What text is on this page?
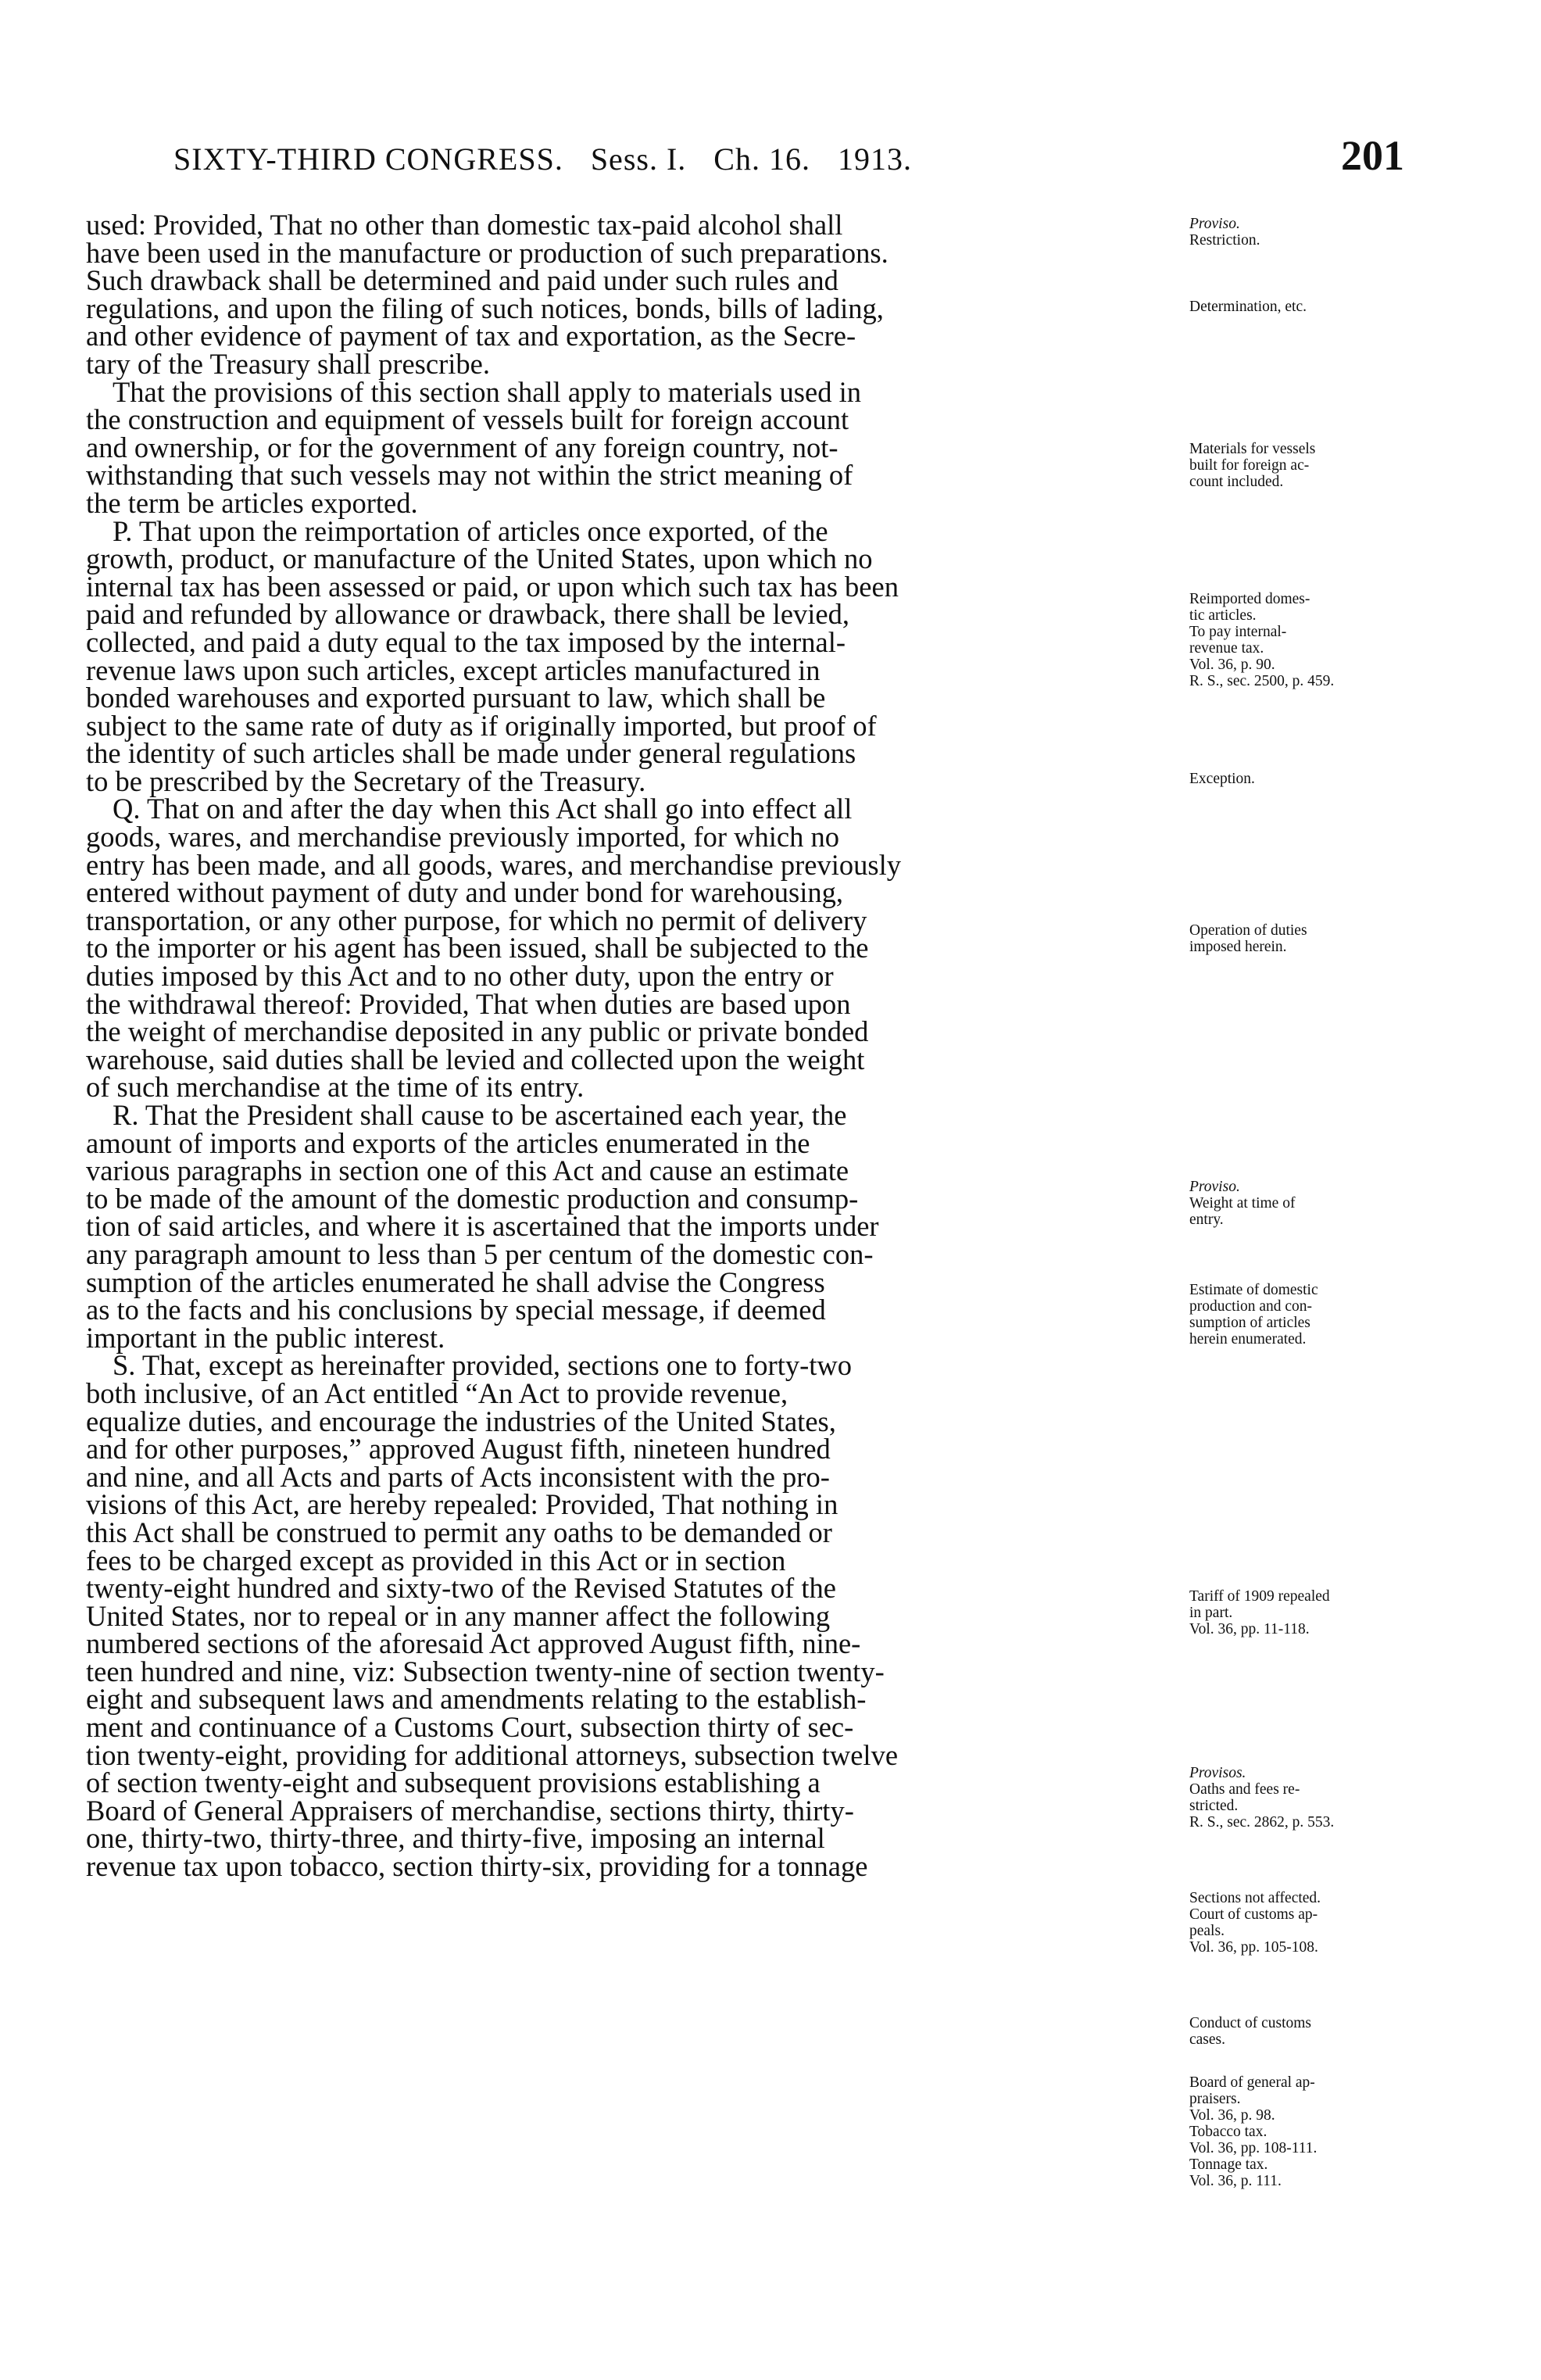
SIXTY-THIRD CONGRESS. Sess. I. Ch. 16. 1913.	201

used: Provided, That no other than domestic tax-paid alcohol shall
have been used in the manufacture or production of such preparations.
Such drawback shall be determined and paid under such rules and
regulations, and upon the filing of such notices, bonds, bills of lading,
and other evidence of payment of tax and exportation, as the Secre-
tary of the Treasury shall prescribe.

That the provisions of this section shall apply to materials used in
the construction and equipment of vessels built for foreign account
and ownership, or for the government of any foreign country, not-
withstanding that such vessels may not within the strict meaning of
the term be articles exported.

P. That upon the reimportation of articles once exported, of the
growth, product, or manufacture of the United States, upon which no
internal tax has been assessed or paid, or upon which such tax has been
paid and refunded by allowance or drawback, there shall be levied,
collected, and paid a duty equal to the tax imposed by the internal-
revenue laws upon such articles, except articles manufactured in
bonded warehouses and exported pursuant to law, which shall be
subject to the same rate of duty as if originally imported, but proof of
the identity of such articles shall be made under general regulations
to be prescribed by the Secretary of the Treasury.

Q. That on and after the day when this Act shall go into effect all
goods, wares, and merchandise previously imported, for which no
entry has been made, and all goods, wares, and merchandise previously
entered without payment of duty and under bond for warehousing,
transportation, or any other purpose, for which no permit of delivery
to the importer or his agent has been issued, shall be subjected to the
duties imposed by this Act and to no other duty, upon the entry or
the withdrawal thereof: Provided, That when duties are based upon
the weight of merchandise deposited in any public or private bonded
warehouse, said duties shall be levied and collected upon the weight
of such merchandise at the time of its entry.

R. That the President shall cause to be ascertained each year, the
amount of imports and exports of the articles enumerated in the
various paragraphs in section one of this Act and cause an estimate
to be made of the amount of the domestic production and consump-
tion of said articles, and where it is ascertained that the imports under
any paragraph amount to less than 5 per centum of the domestic con-
sumption of the articles enumerated he shall advise the Congress
as to the facts and his conclusions by special message, if deemed
important in the public interest.

S. That, except as hereinafter provided, sections one to forty-two
both inclusive, of an Act entitled “An Act to provide revenue,
equalize duties, and encourage the industries of the United States,
and for other purposes,” approved August fifth, nineteen hundred
and nine, and all Acts and parts of Acts inconsistent with the pro-
visions of this Act, are hereby repealed: Provided, That nothing in
this Act shall be construed to permit any oaths to be demanded or
fees to be charged except as provided in this Act or in section
twenty-eight hundred and sixty-two of the Revised Statutes of the
United States, nor to repeal or in any manner affect the following
numbered sections of the aforesaid Act approved August fifth, nine-
teen hundred and nine, viz: Subsection twenty-nine of section twenty-
eight and subsequent laws and amendments relating to the establish-
ment and continuance of a Customs Court, subsection thirty of sec-
tion twenty-eight, providing for additional attorneys, subsection twelve
of section twenty-eight and subsequent provisions establishing a
Board of General Appraisers of merchandise, sections thirty, thirty-
one, thirty-two, thirty-three, and thirty-five, imposing an internal
revenue tax upon tobacco, section thirty-six, providing for a tonnage

Proviso.
Restriction.
Determination, etc.
Materials for vessels
built for foreign ac-
count included.
Reimported domes-
tic articles.
To pay internal-
revenue tax.
Vol. 36, p. 90.
R. S., sec. 2500, p. 459.
Exception.
Operation of duties
imposed herein.
Proviso.
Weight at time of
entry.
Estimate of domestic
production and con-
sumption of articles
herein enumerated.
Tariff of 1909 repealed
in part.
Vol. 36, pp. 11-118.
Provisos.
Oaths and fees re-
stricted.
R. S., sec. 2862, p. 553.
Sections not affected.
Court of customs ap-
peals.
Vol. 36, pp. 105-108.
Conduct of customs
cases.
Board of general ap-
praisers.
Vol. 36, p. 98.
Tobacco tax.
Vol. 36, pp. 108-111.
Tonnage tax.
Vol. 36, p. 111.
